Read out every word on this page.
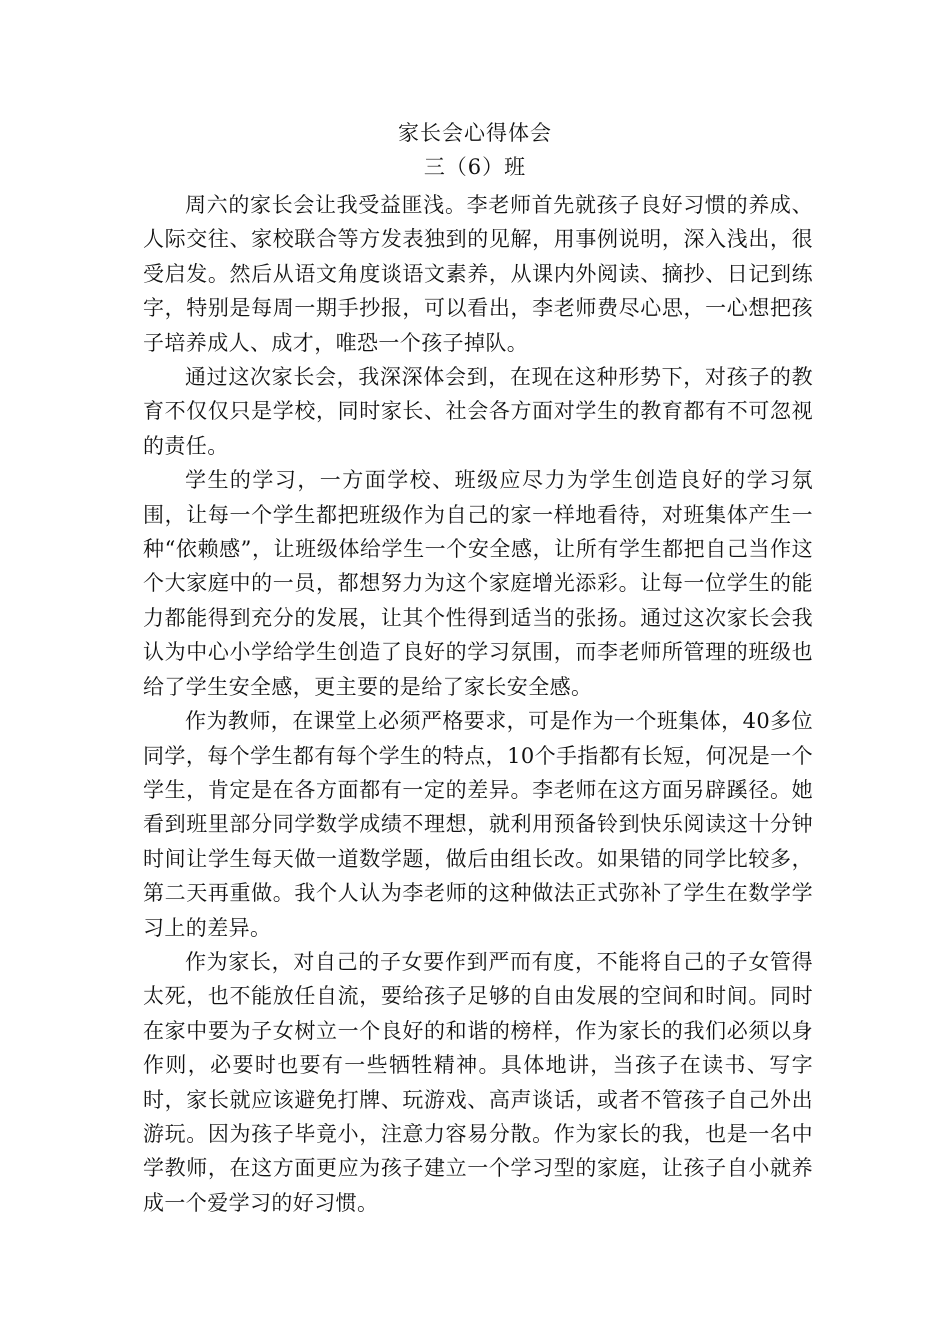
家长会心得体会
三（6）班

周六的家长会让我受益匪浅。李老师首先就孩子良好习惯的养成、人际交往、家校联合等方发表独到的见解，用事例说明，深入浅出，很受启发。然后从语文角度谈语文素养，从课内外阅读、摘抄、日记到练字，特别是每周一期手抄报，可以看出，李老师费尽心思，一心想把孩子培养成人、成才，唯恐一个孩子掉队。

通过这次家长会，我深深体会到，在现在这种形势下，对孩子的教育不仅仅只是学校，同时家长、社会各方面对学生的教育都有不可忽视的责任。

学生的学习，一方面学校、班级应尽力为学生创造良好的学习氛围，让每一个学生都把班级作为自己的家一样地看待，对班集体产生一种“依赖感”，让班级体给学生一个安全感，让所有学生都把自己当作这个大家庭中的一员，都想努力为这个家庭增光添彩。让每一位学生的能力都能得到充分的发展，让其个性得到适当的张扬。通过这次家长会我认为中心小学给学生创造了良好的学习氛围，而李老师所管理的班级也给了学生安全感，更主要的是给了家长安全感。

作为教师，在课堂上必须严格要求，可是作为一个班集体，40多位同学，每个学生都有每个学生的特点，10个手指都有长短，何况是一个学生，肯定是在各方面都有一定的差异。李老师在这方面另辟蹊径。她看到班里部分同学数学成绩不理想，就利用预备铃到快乐阅读这十分钟时间让学生每天做一道数学题，做后由组长改。如果错的同学比较多，第二天再重做。我个人认为李老师的这种做法正式弥补了学生在数学学习上的差异。

作为家长，对自己的子女要作到严而有度，不能将自己的子女管得太死，也不能放任自流，要给孩子足够的自由发展的空间和时间。同时在家中要为子女树立一个良好的和谐的榜样，作为家长的我们必须以身作则，必要时也要有一些牺牲精神。具体地讲，当孩子在读书、写字时，家长就应该避免打牌、玩游戏、高声谈话，或者不管孩子自己外出游玩。因为孩子毕竟小，注意力容易分散。作为家长的我，也是一名中学教师，在这方面更应为孩子建立一个学习型的家庭，让孩子自小就养成一个爱学习的好习惯。
